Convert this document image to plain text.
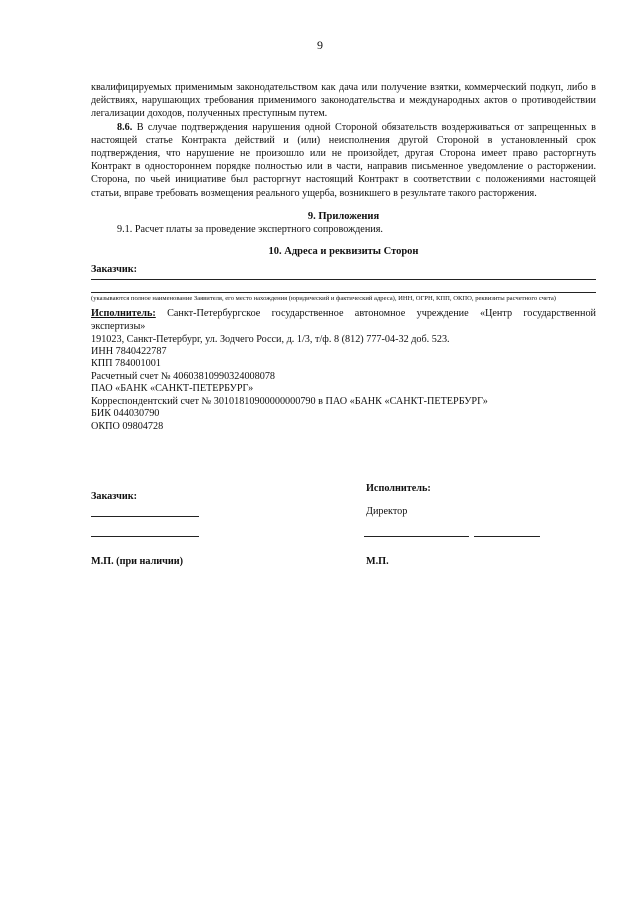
9

квалифицируемых применимым законодательством как дача или получение взятки, коммерческий подкуп, либо в действиях, нарушающих требования применимого законодательства и международных актов о противодействии легализации доходов, полученных преступным путем.

8.6. В случае подтверждения нарушения одной Стороной обязательств воздерживаться от запрещенных в настоящей статье Контракта действий и (или) неисполнения другой Стороной в установленный срок подтверждения, что нарушение не произошло или не произойдет, другая Сторона имеет право расторгнуть Контракт в одностороннем порядке полностью или в части, направив письменное уведомление о расторжении. Сторона, по чьей инициативе был расторгнут настоящий Контракт в соответствии с положениями настоящей статьи, вправе требовать возмещения реального ущерба, возникшего в результате такого расторжения.

9. Приложения

9.1. Расчет платы за проведение экспертного сопровождения.

10. Адреса и реквизиты Сторон

Заказчик:

(указываются полное наименование Заявителя, его место нахождения (юридический и фактический адреса), ИНН, ОГРН, КПП, ОКПО, реквизиты расчетного счета)

Исполнитель: Санкт-Петербургское государственное автономное учреждение «Центр государственной экспертизы»

191023, Санкт-Петербург, ул. Зодчего Росси, д. 1/3, т/ф. 8 (812) 777-04-32 доб. 523.

ИНН 7840422787

КПП 784001001

Расчетный счет № 40603810990324008078

ПАО «БАНК «САНКТ-ПЕТЕРБУРГ»

Корреспондентский счет № 30101810900000000790 в ПАО «БАНК «САНКТ-ПЕТЕРБУРГ»

БИК 044030790

ОКПО 09804728

Исполнитель:
Заказчик:
Директор
М.П. (при наличии)	М.П.
